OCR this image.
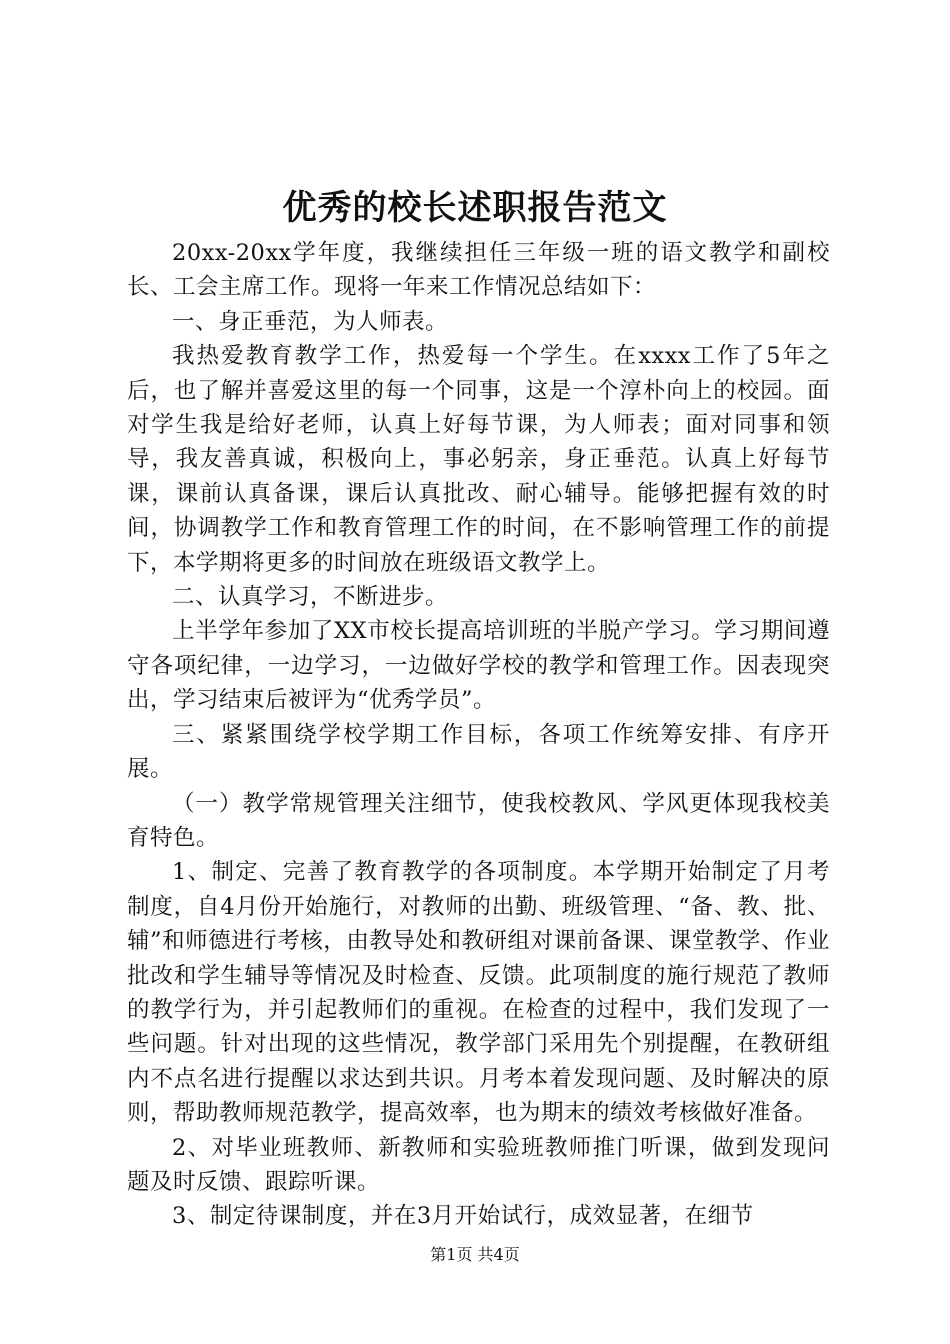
优秀的校长述职报告范文

20xx-20xx学年度，我继续担任三年级一班的语文教学和副校长、工会主席工作。现将一年来工作情况总结如下：

一、身正垂范，为人师表。

我热爱教育教学工作，热爱每一个学生。在xxxx工作了5年之后，也了解并喜爱这里的每一个同事，这是一个淳朴向上的校园。面对学生我是给好老师，认真上好每节课，为人师表；面对同事和领导，我友善真诚，积极向上，事必躬亲，身正垂范。认真上好每节课，课前认真备课，课后认真批改、耐心辅导。能够把握有效的时间，协调教学工作和教育管理工作的时间，在不影响管理工作的前提下，本学期将更多的时间放在班级语文教学上。

二、认真学习，不断进步。

上半学年参加了XX市校长提高培训班的半脱产学习。学习期间遵守各项纪律，一边学习，一边做好学校的教学和管理工作。因表现突出，学习结束后被评为“优秀学员”。

三、紧紧围绕学校学期工作目标，各项工作统筹安排、有序开展。

（一）教学常规管理关注细节，使我校教风、学风更体现我校美育特色。

1、制定、完善了教育教学的各项制度。本学期开始制定了月考制度，自4月份开始施行，对教师的出勤、班级管理、“备、教、批、辅”和师德进行考核，由教导处和教研组对课前备课、课堂教学、作业批改和学生辅导等情况及时检查、反馈。此项制度的施行规范了教师的教学行为，并引起教师们的重视。在检查的过程中，我们发现了一些问题。针对出现的这些情况，教学部门采用先个别提醒，在教研组内不点名进行提醒以求达到共识。月考本着发现问题、及时解决的原则，帮助教师规范教学，提高效率，也为期末的绩效考核做好准备。

2、对毕业班教师、新教师和实验班教师推门听课，做到发现问题及时反馈、跟踪听课。

3、制定待课制度，并在3月开始试行，成效显著，在细节

第1页 共4页
